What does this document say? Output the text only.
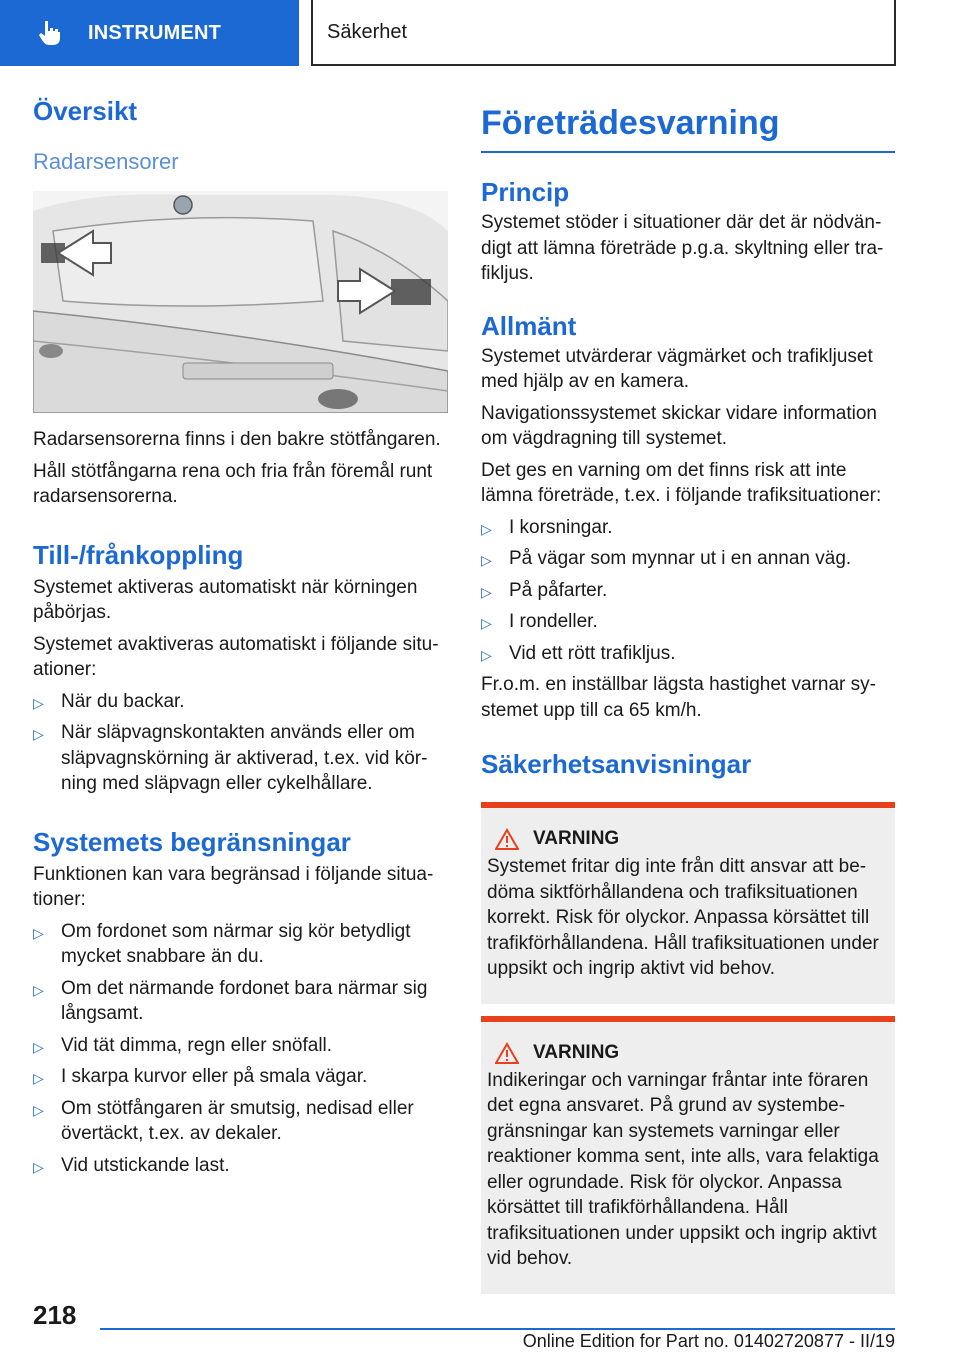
INSTRUMENT	Säkerhet
Översikt
Radarsensorer

Radarsensorerna finns i den bakre stötfångaren.

Håll stötfångarna rena och fria från föremål runt radarsensorerna.

Till-/frånkoppling

Systemet aktiveras automatiskt när körningen påbörjas.

Systemet avaktiveras automatiskt i följande situationer:

▷ När du backar.
▷ När släpvagnskontakten används eller om släpvagnskörning är aktiverad, t.ex. vid körning med släpvagn eller cykelhållare.
Systemets begränsningar

Funktionen kan vara begränsad i följande situationer:

▷ Om fordonet som närmar sig kör betydligt mycket snabbare än du.
▷ Om det närmande fordonet bara närmar sig långsamt.
▷ Vid tät dimma, regn eller snöfall.
▷ I skarpa kurvor eller på smala vägar.
▷ Om stötfångaren är smutsig, nedisad eller övertäckt, t.ex. av dekaler.
▷ Vid utstickande last.
Företrädesvarning
Princip

Systemet stöder i situationer där det är nödvändigt att lämna företräde p.g.a. skyltning eller trafikljus.

Allmänt

Systemet utvärderar vägmärket och trafikljuset med hjälp av en kamera.

Navigationssystemet skickar vidare information om vägdragning till systemet.

Det ges en varning om det finns risk att inte lämna företräde, t.ex. i följande trafiksituationer:

▷ I korsningar.
▷ På vägar som mynnar ut i en annan väg.
▷ På påfarter.
▷ I rondeller.
▷ Vid ett rött trafikljus.

Fr.o.m. en inställbar lägsta hastighet varnar systemet upp till ca 65 km/h.

Säkerhetsanvisningar
VARNING

Systemet fritar dig inte från ditt ansvar att bedöma siktförhållandena och trafiksituationen korrekt. Risk för olyckor. Anpassa körsättet till trafikförhållandena. Håll trafiksituationen under uppsikt och ingrip aktivt vid behov.

VARNING

Indikeringar och varningar fråntar inte föraren det egna ansvaret. På grund av systembegränsningar kan systemets varningar eller reaktioner komma sent, inte alls, vara felaktiga eller ogrundade. Risk för olyckor. Anpassa körsättet till trafikförhållandena. Håll trafiksituationen under uppsikt och ingrip aktivt vid behov.

218
Online Edition for Part no. 01402720877 - II/19
